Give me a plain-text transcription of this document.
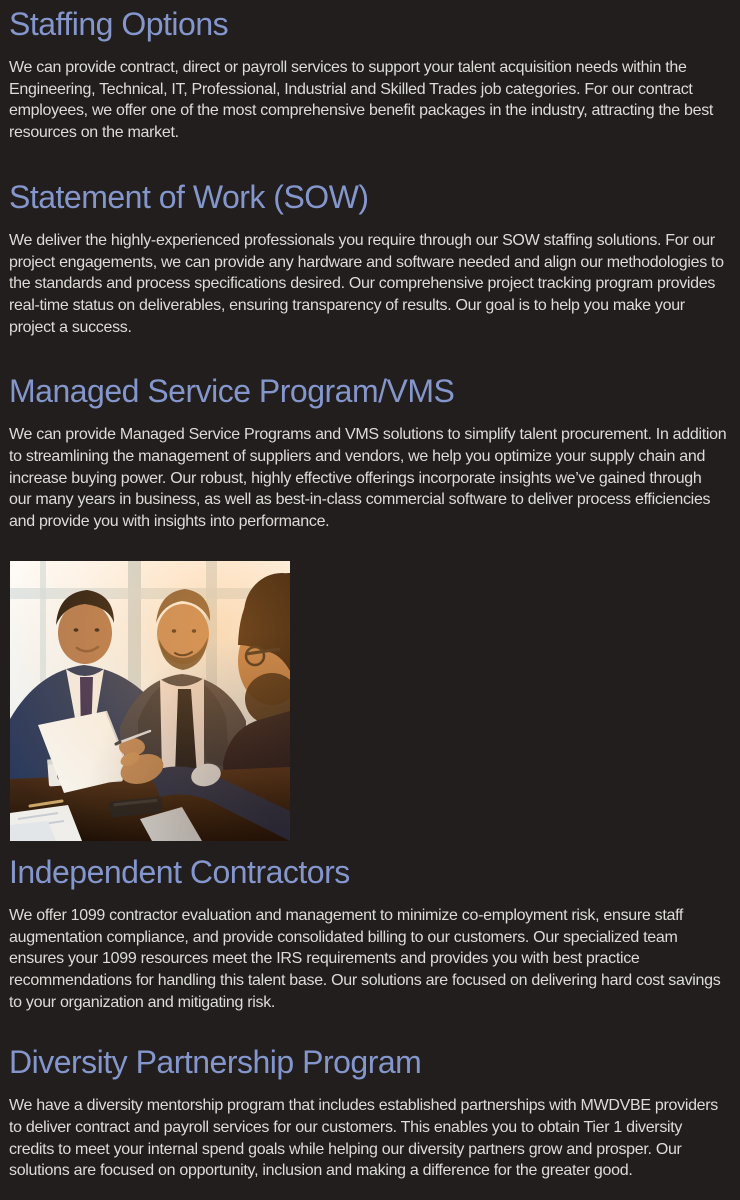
Staffing Options

We can provide contract, direct or payroll services to support your talent acquisition needs within the Engineering, Technical, IT, Professional, Industrial and Skilled Trades job categories. For our contract employees, we offer one of the most comprehensive benefit packages in the industry, attracting the best resources on the market.

Statement of Work (SOW)

We deliver the highly-experienced professionals you require through our SOW staffing solutions. For our project engagements, we can provide any hardware and software needed and align our methodologies to the standards and process specifications desired. Our comprehensive project tracking program provides real-time status on deliverables, ensuring transparency of results. Our goal is to help you make your project a success.

Managed Service Program/VMS

We can provide Managed Service Programs and VMS solutions to simplify talent procurement. In addition to streamlining the management of suppliers and vendors, we help you optimize your supply chain and increase buying power. Our robust, highly effective offerings incorporate insights we’ve gained through our many years in business, as well as best-in-class commercial software to deliver process efficiencies and provide you with insights into performance.

Independent Contractors

We offer 1099 contractor evaluation and management to minimize co-employment risk, ensure staff augmentation compliance, and provide consolidated billing to our customers. Our specialized team ensures your 1099 resources meet the IRS requirements and provides you with best practice recommendations for handling this talent base. Our solutions are focused on delivering hard cost savings to your organization and mitigating risk.

Diversity Partnership Program

We have a diversity mentorship program that includes established partnerships with MWDVBE providers to deliver contract and payroll services for our customers. This enables you to obtain Tier 1 diversity credits to meet your internal spend goals while helping our diversity partners grow and prosper. Our solutions are focused on opportunity, inclusion and making a difference for the greater good.
